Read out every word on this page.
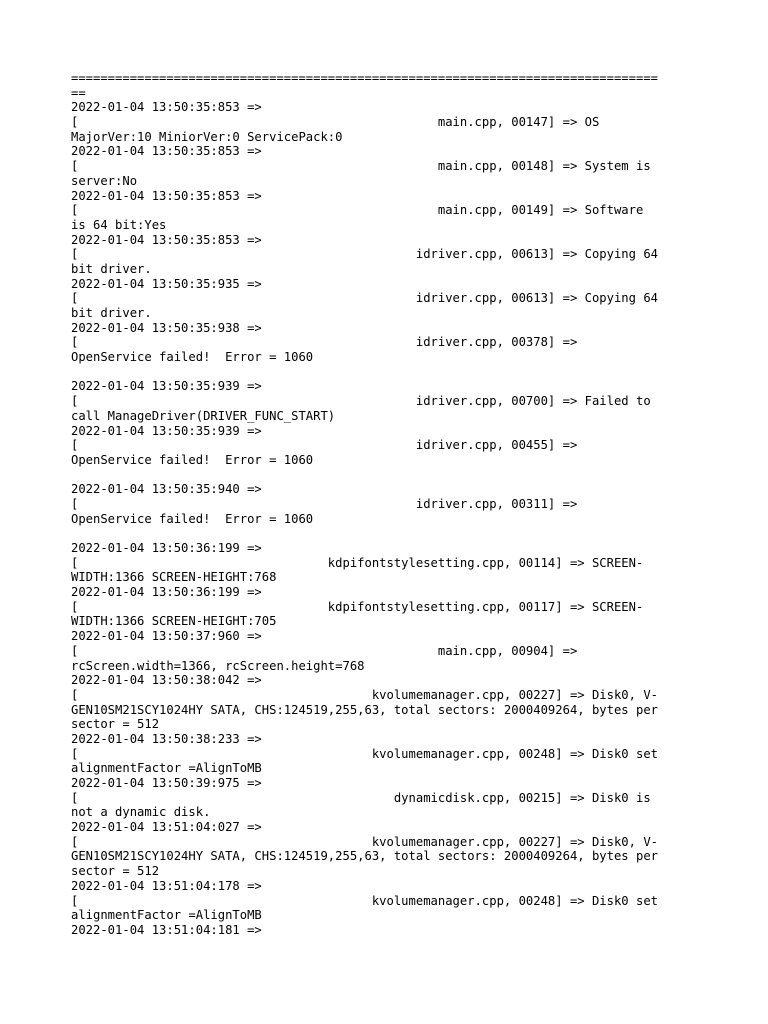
================================================================================
==
2022-01-04 13:50:35:853 =>
[                                                 main.cpp, 00147] => OS
MajorVer:10 MiniorVer:0 ServicePack:0
2022-01-04 13:50:35:853 =>
[                                                 main.cpp, 00148] => System is
server:No
2022-01-04 13:50:35:853 =>
[                                                 main.cpp, 00149] => Software
is 64 bit:Yes
2022-01-04 13:50:35:853 =>
[                                              idriver.cpp, 00613] => Copying 64
bit driver.
2022-01-04 13:50:35:935 =>
[                                              idriver.cpp, 00613] => Copying 64
bit driver.
2022-01-04 13:50:35:938 =>
[                                              idriver.cpp, 00378] =>
OpenService failed!  Error = 1060
2022-01-04 13:50:35:939 =>
[                                              idriver.cpp, 00700] => Failed to
call ManageDriver(DRIVER_FUNC_START)
2022-01-04 13:50:35:939 =>
[                                              idriver.cpp, 00455] =>
OpenService failed!  Error = 1060
2022-01-04 13:50:35:940 =>
[                                              idriver.cpp, 00311] =>
OpenService failed!  Error = 1060
2022-01-04 13:50:36:199 =>
[                                  kdpifontstylesetting.cpp, 00114] => SCREEN-
WIDTH:1366 SCREEN-HEIGHT:768
2022-01-04 13:50:36:199 =>
[                                  kdpifontstylesetting.cpp, 00117] => SCREEN-
WIDTH:1366 SCREEN-HEIGHT:705
2022-01-04 13:50:37:960 =>
[                                                 main.cpp, 00904] =>
rcScreen.width=1366, rcScreen.height=768
2022-01-04 13:50:38:042 =>
[                                        kvolumemanager.cpp, 00227] => Disk0, V-
GEN10SM21SCY1024HY SATA, CHS:124519,255,63, total sectors: 2000409264, bytes per
sector = 512
2022-01-04 13:50:38:233 =>
[                                        kvolumemanager.cpp, 00248] => Disk0 set
alignmentFactor =AlignToMB
2022-01-04 13:50:39:975 =>
[                                           dynamicdisk.cpp, 00215] => Disk0 is
not a dynamic disk.
2022-01-04 13:51:04:027 =>
[                                        kvolumemanager.cpp, 00227] => Disk0, V-
GEN10SM21SCY1024HY SATA, CHS:124519,255,63, total sectors: 2000409264, bytes per
sector = 512
2022-01-04 13:51:04:178 =>
[                                        kvolumemanager.cpp, 00248] => Disk0 set
alignmentFactor =AlignToMB
2022-01-04 13:51:04:181 =>
